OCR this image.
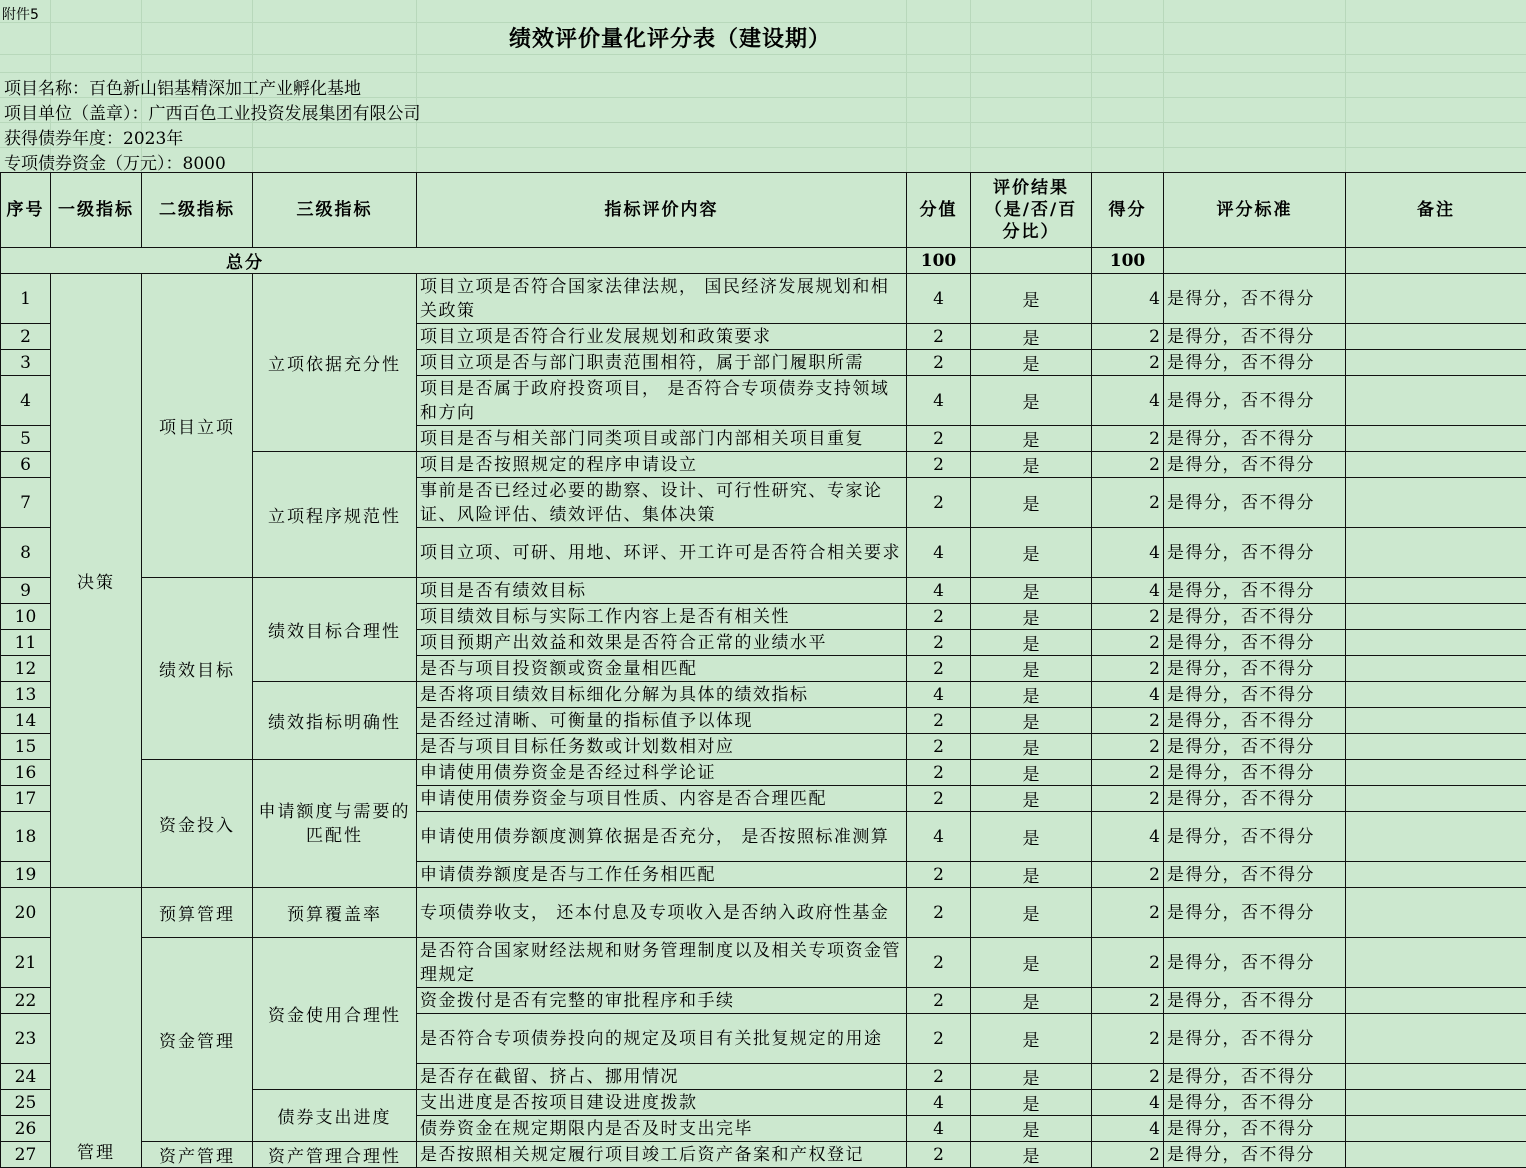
附件5
绩效评价量化评分表（建设期）
项目名称：百色新山铝基精深加工产业孵化基地
项目单位（盖章）：广西百色工业投资发展集团有限公司
获得债券年度：2023年
专项债券资金（万元）：8000
序号	一级指标	二级指标	三级指标	指标评价内容	分值	评价结果（是/否/百分比）	得分	评分标准	备注
总分					100		100		
1	决策	项目立项	立项依据充分性	项目立项是否符合国家法律法规， 国民经济发展规划和相关政策	4	是	4	是得分，否不得分	
2				项目立项是否符合行业发展规划和政策要求	2	是	2	是得分，否不得分	
3				项目立项是否与部门职责范围相符，属于部门履职所需	2	是	2	是得分，否不得分	
4				项目是否属于政府投资项目， 是否符合专项债券支持领域和方向	4	是	4	是得分，否不得分	
5				项目是否与相关部门同类项目或部门内部相关项目重复	2	是	2	是得分，否不得分	
6			立项程序规范性	项目是否按照规定的程序申请设立	2	是	2	是得分，否不得分	
7				事前是否已经过必要的勘察、设计、可行性研究、专家论证、风险评估、绩效评估、集体决策	2	是	2	是得分，否不得分	
8				项目立项、可研、用地、环评、开工许可是否符合相关要求	4	是	4	是得分，否不得分	
9		绩效目标	绩效目标合理性	项目是否有绩效目标	4	是	4	是得分，否不得分	
10				项目绩效目标与实际工作内容上是否有相关性	2	是	2	是得分，否不得分	
11				项目预期产出效益和效果是否符合正常的业绩水平	2	是	2	是得分，否不得分	
12				是否与项目投资额或资金量相匹配	2	是	2	是得分，否不得分	
13			绩效指标明确性	是否将项目绩效目标细化分解为具体的绩效指标	4	是	4	是得分，否不得分	
14				是否经过清晰、可衡量的指标值予以体现	2	是	2	是得分，否不得分	
15				是否与项目目标任务数或计划数相对应	2	是	2	是得分，否不得分	
16		资金投入	申请额度与需要的匹配性	申请使用债券资金是否经过科学论证	2	是	2	是得分，否不得分	
17				申请使用债券资金与项目性质、内容是否合理匹配	2	是	2	是得分，否不得分	
18				申请使用债券额度测算依据是否充分， 是否按照标准测算	4	是	4	是得分，否不得分	
19				申请债券额度是否与工作任务相匹配	2	是	2	是得分，否不得分	
20	管理	预算管理	预算覆盖率	专项债券收支， 还本付息及专项收入是否纳入政府性基金	2	是	2	是得分，否不得分	
21		资金管理	资金使用合理性	是否符合国家财经法规和财务管理制度以及相关专项资金管理规定	2	是	2	是得分，否不得分	
22				资金拨付是否有完整的审批程序和手续	2	是	2	是得分，否不得分	
23				是否符合专项债券投向的规定及项目有关批复规定的用途	2	是	2	是得分，否不得分	
24				是否存在截留、挤占、挪用情况	2	是	2	是得分，否不得分	
25			债券支出进度	支出进度是否按项目建设进度拨款	4	是	4	是得分，否不得分	
26				债券资金在规定期限内是否及时支出完毕	4	是	4	是得分，否不得分	
27		资产管理	资产管理合理性	是否按照相关规定履行项目竣工后资产备案和产权登记	2	是	2	是得分，否不得分	
